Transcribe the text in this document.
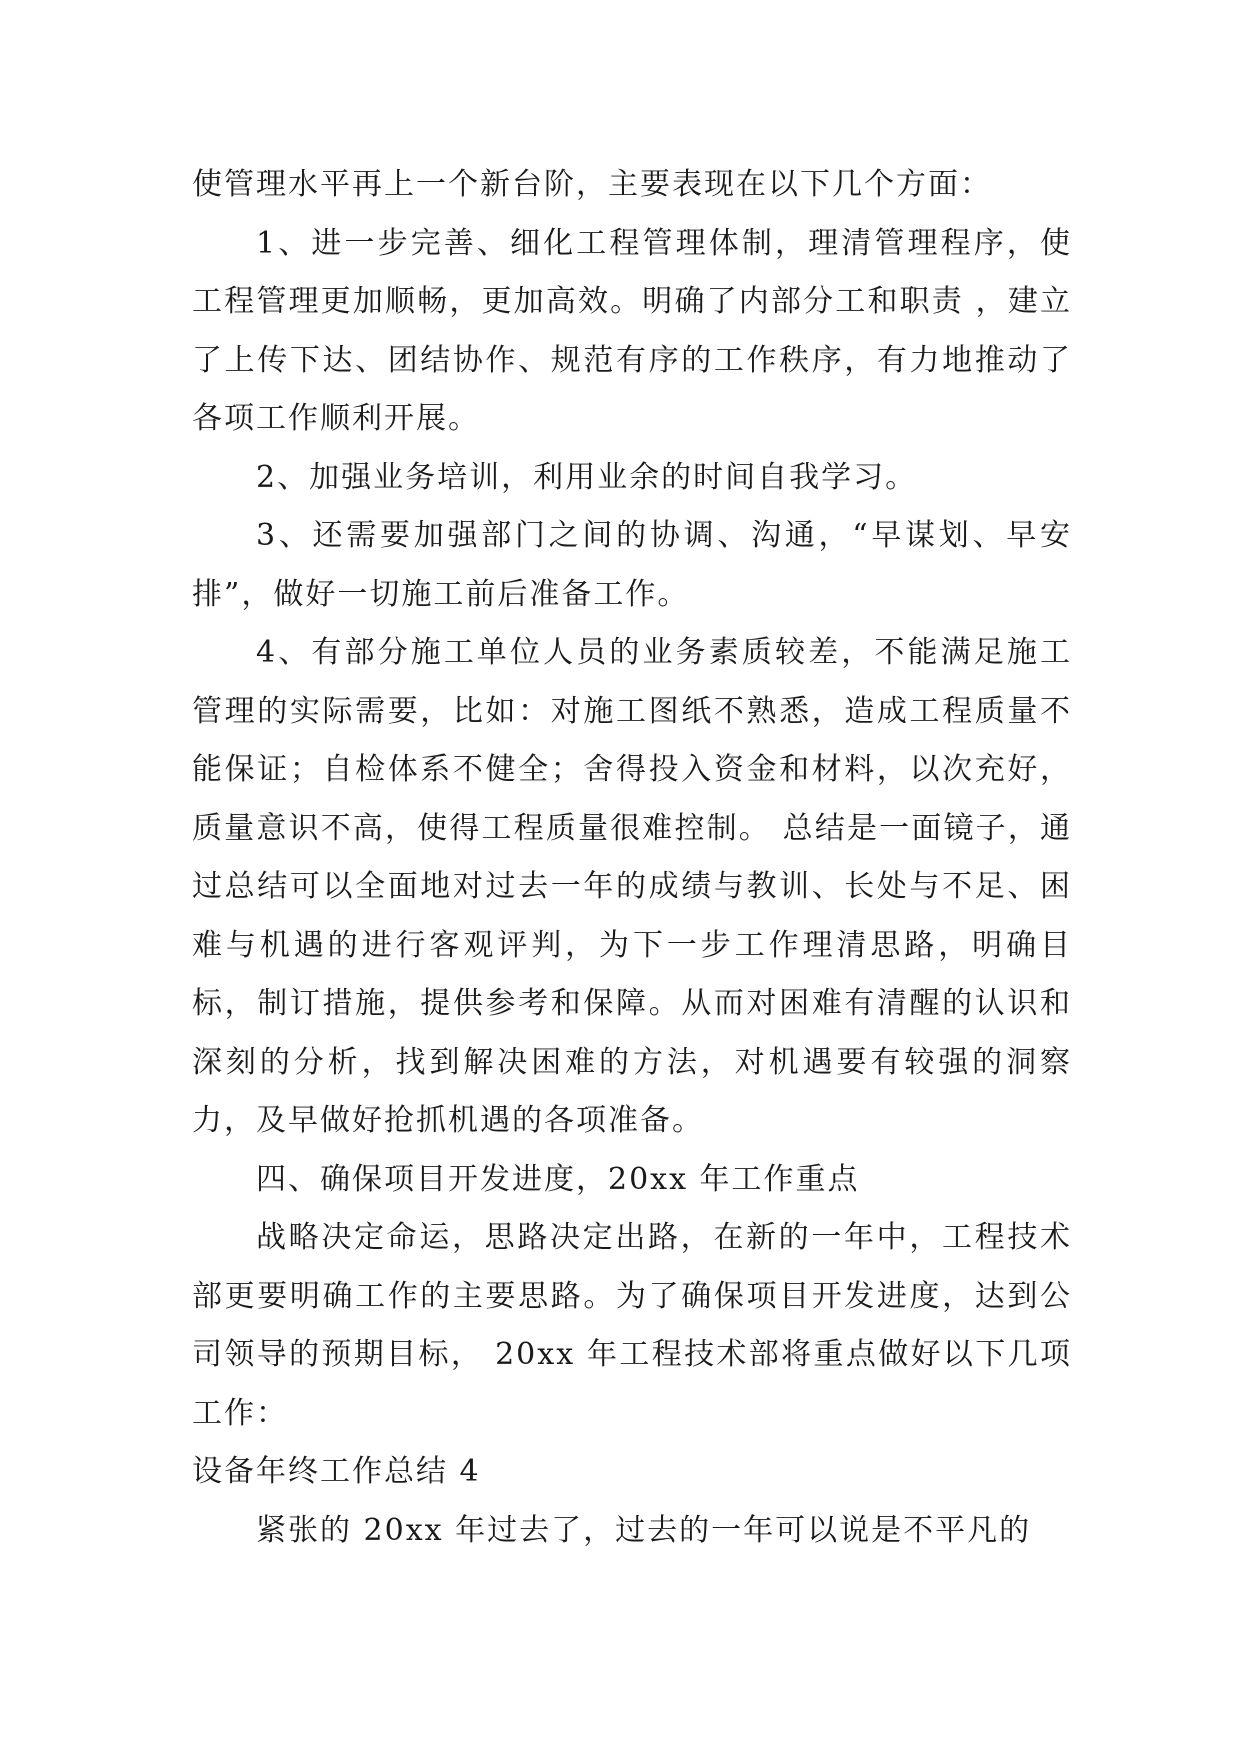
使管理水平再上一个新台阶，主要表现在以下几个方面：

1、进一步完善、细化工程管理体制，理清管理程序，使工程管理更加顺畅，更加高效。明确了内部分工和职责 ，建立了上传下达、团结协作、规范有序的工作秩序，有力地推动了各项工作顺利开展。

2、加强业务培训，利用业余的时间自我学习。

3、还需要加强部门之间的协调、沟通，“早谋划、早安排”，做好一切施工前后准备工作。

4、有部分施工单位人员的业务素质较差，不能满足施工管理的实际需要，比如：对施工图纸不熟悉，造成工程质量不能保证；自检体系不健全；舍得投入资金和材料，以次充好，质量意识不高，使得工程质量很难控制。 总结是一面镜子，通过总结可以全面地对过去一年的成绩与教训、长处与不足、困难与机遇的进行客观评判，为下一步工作理清思路，明确目标，制订措施，提供参考和保障。从而对困难有清醒的认识和深刻的分析，找到解决困难的方法，对机遇要有较强的洞察力，及早做好抢抓机遇的各项准备。

四、确保项目开发进度，20xx 年工作重点

战略决定命运，思路决定出路，在新的一年中，工程技术部更要明确工作的主要思路。为了确保项目开发进度，达到公司领导的预期目标， 20xx 年工程技术部将重点做好以下几项工作：

设备年终工作总结 4

紧张的 20xx 年过去了，过去的一年可以说是不平凡的
